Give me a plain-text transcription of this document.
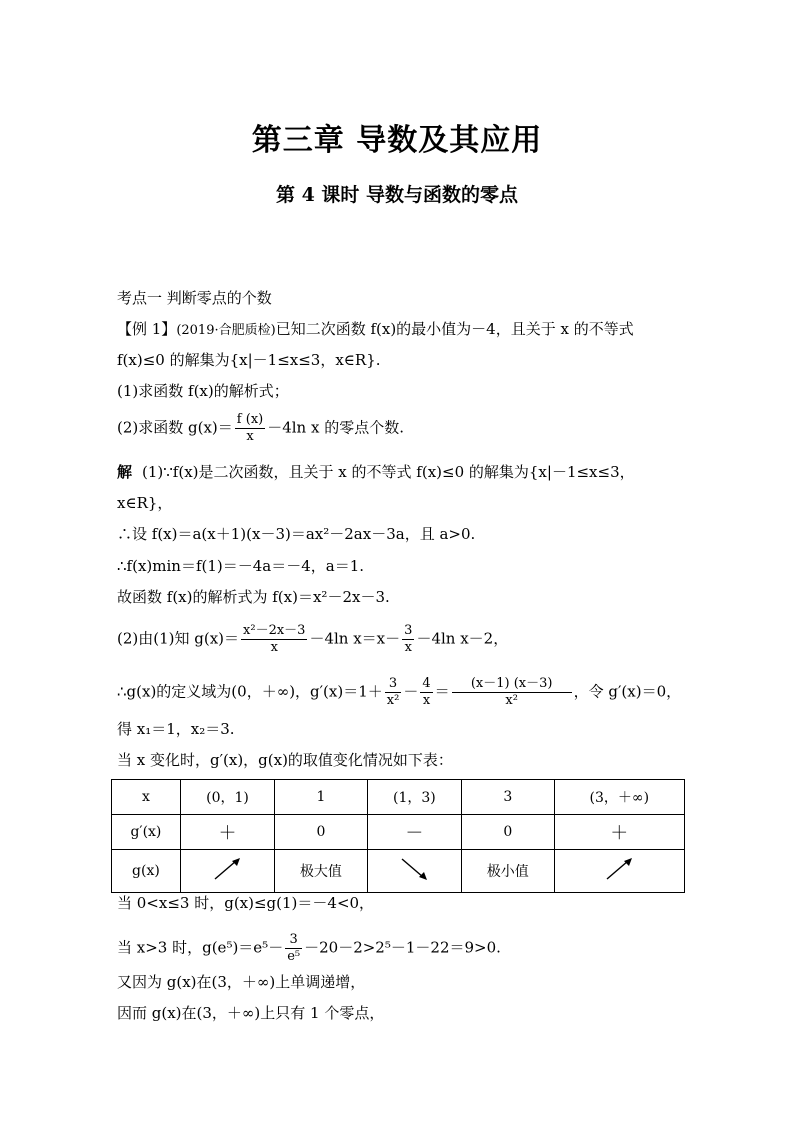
第三章 导数及其应用
第 4 课时 导数与函数的零点
考点一 判断零点的个数
【例 1】(2019·合肥质检)已知二次函数 f(x)的最小值为－4，且关于 x 的不等式
f(x)≤0 的解集为{x|－1≤x≤3，x∈R}.
(1)求函数 f(x)的解析式；
(2)求函数 $g(x)= \frac{f (x)}{x} -4\ln$ x 的零点个数.
解 (1)∵f(x)是二次函数，且关于 x 的不等式 f(x)≤0 的解集为{x|－1≤x≤3，
x∈R}，
∴设 f(x)＝a(x＋1)(x－3)＝ax²－2ax－3a，且 a>0.
∴f(x)min＝f(1)＝－4a＝－4，a＝1.
故函数 f(x)的解析式为 f(x)＝x²－2x－3.
(2)由(1)知 $g(x)= \frac{\text{x²－2x－3}}{x} -4\ln$ $x=x- \frac{3}{x} -4\ln$ x－2，
∴g(x)的定义域为(0，＋∞)，$g'(x)=1+ \frac{3}{\text{x²}} - \frac{4}{x} = \frac{(x-1) (x-3)}{\text{x²}}$ ，令 g′(x)＝0，
得 x₁＝1，x₂＝3.
当 x 变化时，g′(x)，g(x)的取值变化情况如下表：
x	(0，1)	1	(1，3)	3	(3，＋∞)
g′(x)	＋	0	－	0	＋
g(x)		极大值		极小值	
当 0<x≤3 时，g(x)≤g(1)＝－4<0，
当 x>3 时，$g(e^5)=e^5- \frac{3}{\text{e⁵}} -20-2>2^5-1-22=9>0$.
又因为 g(x)在(3，＋∞)上单调递增，
因而 g(x)在(3，＋∞)上只有 1 个零点，
